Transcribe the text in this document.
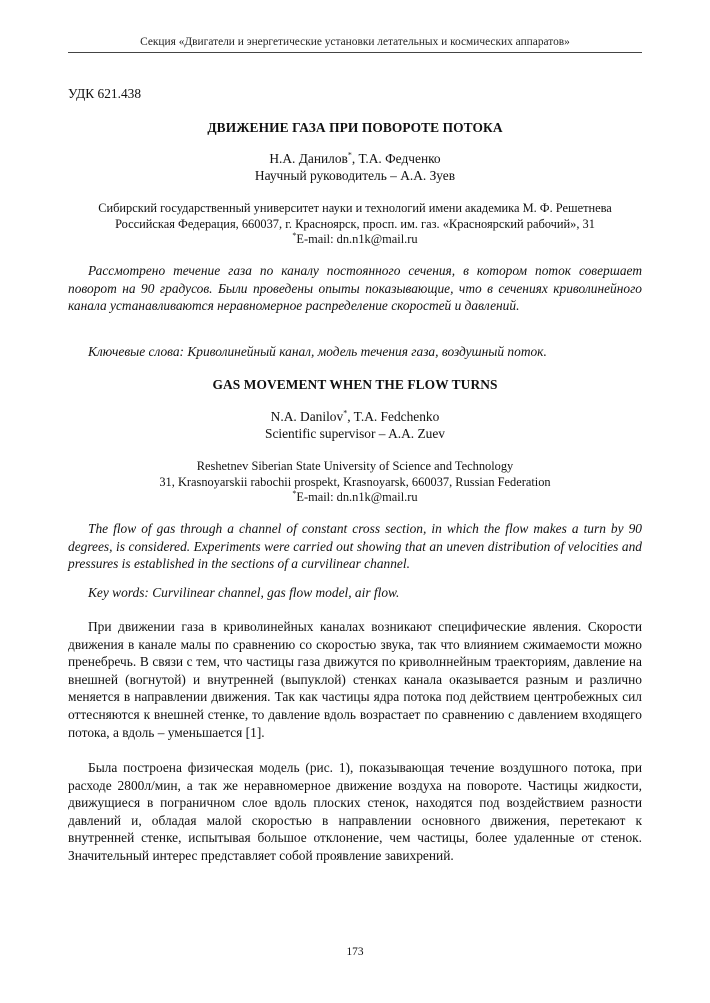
Секция «Двигатели и энергетические установки летательных и космических аппаратов»
УДК 621.438
ДВИЖЕНИЕ ГАЗА ПРИ ПОВОРОТЕ ПОТОКА
Н.А. Данилов*, Т.А. Федченко
Научный руководитель – А.А. Зуев
Сибирский государственный университет науки и технологий имени академика М. Ф. Решетнева
Российская Федерация, 660037, г. Красноярск, просп. им. газ. «Красноярский рабочий», 31
*E-mail: dn.n1k@mail.ru
Рассмотрено течение газа по каналу постоянного сечения, в котором поток совершает поворот на 90 градусов. Были проведены опыты показывающие, что в сечениях криволинейного канала устанавливаются неравномерное распределение скоростей и давлений.
Ключевые слова: Криволинейный канал, модель течения газа, воздушный поток.
GAS MOVEMENT WHEN THE FLOW TURNS
N.A. Danilov*, T.A. Fedchenko
Scientific supervisor – A.A. Zuev
Reshetnev Siberian State University of Science and Technology
31, Krasnoyarskii rabochii prospekt, Krasnoyarsk, 660037, Russian Federation
*E-mail: dn.n1k@mail.ru
The flow of gas through a channel of constant cross section, in which the flow makes a turn by 90 degrees, is considered. Experiments were carried out showing that an uneven distribution of velocities and pressures is established in the sections of a curvilinear channel.
Key words: Curvilinear channel, gas flow model, air flow.
При движении газа в криволинейных каналах возникают специфические явления. Скорости движения в канале малы по сравнению со скоростью звука, так что влиянием сжимаемости можно пренебречь. В связи с тем, что частицы газа движутся по криволннейным траекториям, давление на внешней (вогнутой) и внутренней (выпуклой) стенках канала оказывается разным и различно меняется в направлении движения. Так как частицы ядра потока под действием центробежных сил оттесняются к внешней стенке, то давление вдоль возрастает по сравнению с давлением входящего потока, а вдоль – уменьшается [1].
Была построена физическая модель (рис. 1), показывающая течение воздушного потока, при расходе 2800л/мин, а так же неравномерное движение воздуха на повороте. Частицы жидкости, движущиеся в пограничном слое вдоль плоских стенок, находятся под воздействием разности давлений и, обладая малой скоростью в направлении основного движения, перетекают к внутренней стенке, испытывая большое отклонение, чем частицы, более удаленные от стенок. Значительный интерес представляет собой проявление завихрений.
173
